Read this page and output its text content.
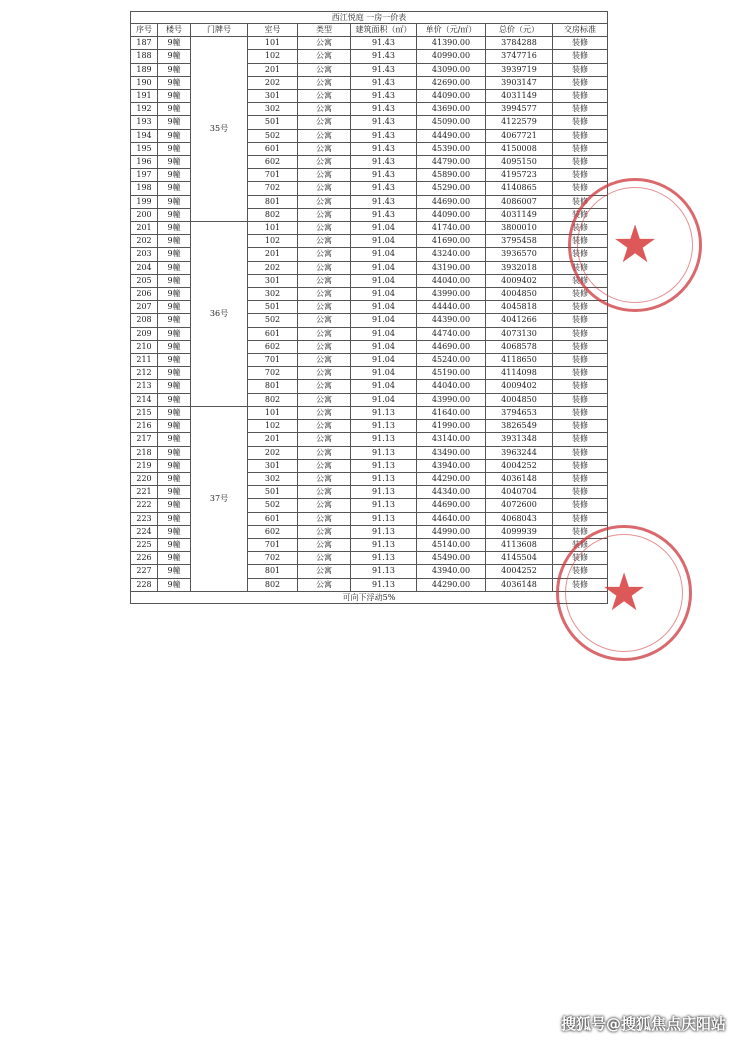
西江悦庭 一房一价表								
序号	楼号	门牌号	室号	类型	建筑面积（㎡）	单价（元/㎡）	总价（元）	交房标准
187	9幢	35号	101	公寓	91.43	41390.00	3784288	装修
188	9幢		102	公寓	91.43	40990.00	3747716	装修
189	9幢		201	公寓	91.43	43090.00	3939719	装修
190	9幢		202	公寓	91.43	42690.00	3903147	装修
191	9幢		301	公寓	91.43	44090.00	4031149	装修
192	9幢		302	公寓	91.43	43690.00	3994577	装修
193	9幢		501	公寓	91.43	45090.00	4122579	装修
194	9幢		502	公寓	91.43	44490.00	4067721	装修
195	9幢		601	公寓	91.43	45390.00	4150008	装修
196	9幢		602	公寓	91.43	44790.00	4095150	装修
197	9幢		701	公寓	91.43	45890.00	4195723	装修
198	9幢		702	公寓	91.43	45290.00	4140865	装修
199	9幢		801	公寓	91.43	44690.00	4086007	装修
200	9幢		802	公寓	91.43	44090.00	4031149	装修
201	9幢	36号	101	公寓	91.04	41740.00	3800010	装修
202	9幢		102	公寓	91.04	41690.00	3795458	装修
203	9幢		201	公寓	91.04	43240.00	3936570	装修
204	9幢		202	公寓	91.04	43190.00	3932018	装修
205	9幢		301	公寓	91.04	44040.00	4009402	装修
206	9幢		302	公寓	91.04	43990.00	4004850	装修
207	9幢		501	公寓	91.04	44440.00	4045818	装修
208	9幢		502	公寓	91.04	44390.00	4041266	装修
209	9幢		601	公寓	91.04	44740.00	4073130	装修
210	9幢		602	公寓	91.04	44690.00	4068578	装修
211	9幢		701	公寓	91.04	45240.00	4118650	装修
212	9幢		702	公寓	91.04	45190.00	4114098	装修
213	9幢		801	公寓	91.04	44040.00	4009402	装修
214	9幢		802	公寓	91.04	43990.00	4004850	装修
215	9幢	37号	101	公寓	91.13	41640.00	3794653	装修
216	9幢		102	公寓	91.13	41990.00	3826549	装修
217	9幢		201	公寓	91.13	43140.00	3931348	装修
218	9幢		202	公寓	91.13	43490.00	3963244	装修
219	9幢		301	公寓	91.13	43940.00	4004252	装修
220	9幢		302	公寓	91.13	44290.00	4036148	装修
221	9幢		501	公寓	91.13	44340.00	4040704	装修
222	9幢		502	公寓	91.13	44690.00	4072600	装修
223	9幢		601	公寓	91.13	44640.00	4068043	装修
224	9幢		602	公寓	91.13	44990.00	4099939	装修
225	9幢		701	公寓	91.13	45140.00	4113608	装修
226	9幢		702	公寓	91.13	45490.00	4145504	装修
227	9幢		801	公寓	91.13	43940.00	4004252	装修
228	9幢		802	公寓	91.13	44290.00	4036148	装修
可向下浮动5%								
★
★
搜狐号@搜狐焦点庆阳站
